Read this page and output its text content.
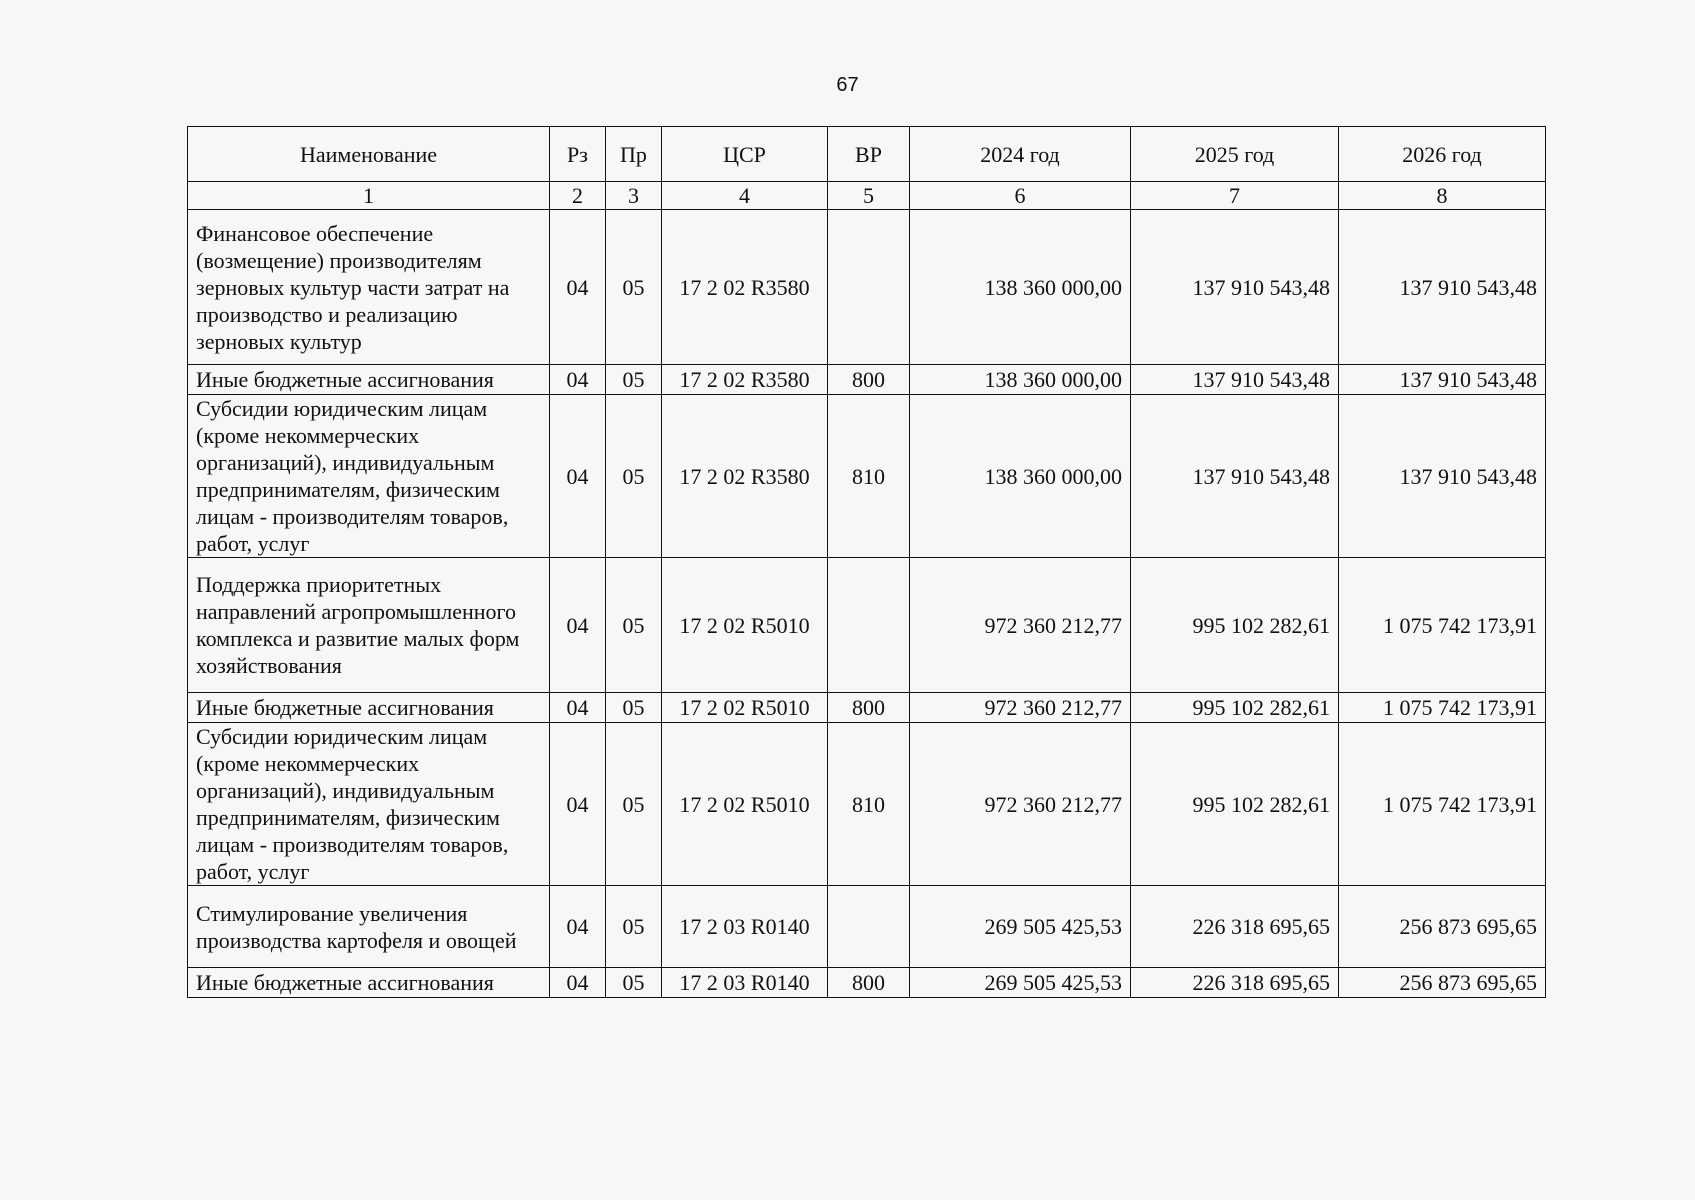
67
Наименование	Рз	Пр	ЦСР	ВР	2024 год	2025 год	2026 год
1	2	3	4	5	6	7	8
Финансовое обеспечение (возмещение) производителям зерновых культур части затрат на производство и реализацию зерновых культур	04	05	17 2 02 R3580		138 360 000,00	137 910 543,48	137 910 543,48
Иные бюджетные ассигнования	04	05	17 2 02 R3580	800	138 360 000,00	137 910 543,48	137 910 543,48
Субсидии юридическим лицам (кроме некоммерческих организаций), индивидуальным предпринимателям, физическим лицам - производителям товаров, работ, услуг	04	05	17 2 02 R3580	810	138 360 000,00	137 910 543,48	137 910 543,48
Поддержка приоритетных направлений агропромышленного комплекса и развитие малых форм хозяйствования	04	05	17 2 02 R5010		972 360 212,77	995 102 282,61	1 075 742 173,91
Иные бюджетные ассигнования	04	05	17 2 02 R5010	800	972 360 212,77	995 102 282,61	1 075 742 173,91
Субсидии юридическим лицам (кроме некоммерческих организаций), индивидуальным предпринимателям, физическим лицам - производителям товаров, работ, услуг	04	05	17 2 02 R5010	810	972 360 212,77	995 102 282,61	1 075 742 173,91
Стимулирование увеличения производства картофеля и овощей	04	05	17 2 03 R0140		269 505 425,53	226 318 695,65	256 873 695,65
Иные бюджетные ассигнования	04	05	17 2 03 R0140	800	269 505 425,53	226 318 695,65	256 873 695,65
